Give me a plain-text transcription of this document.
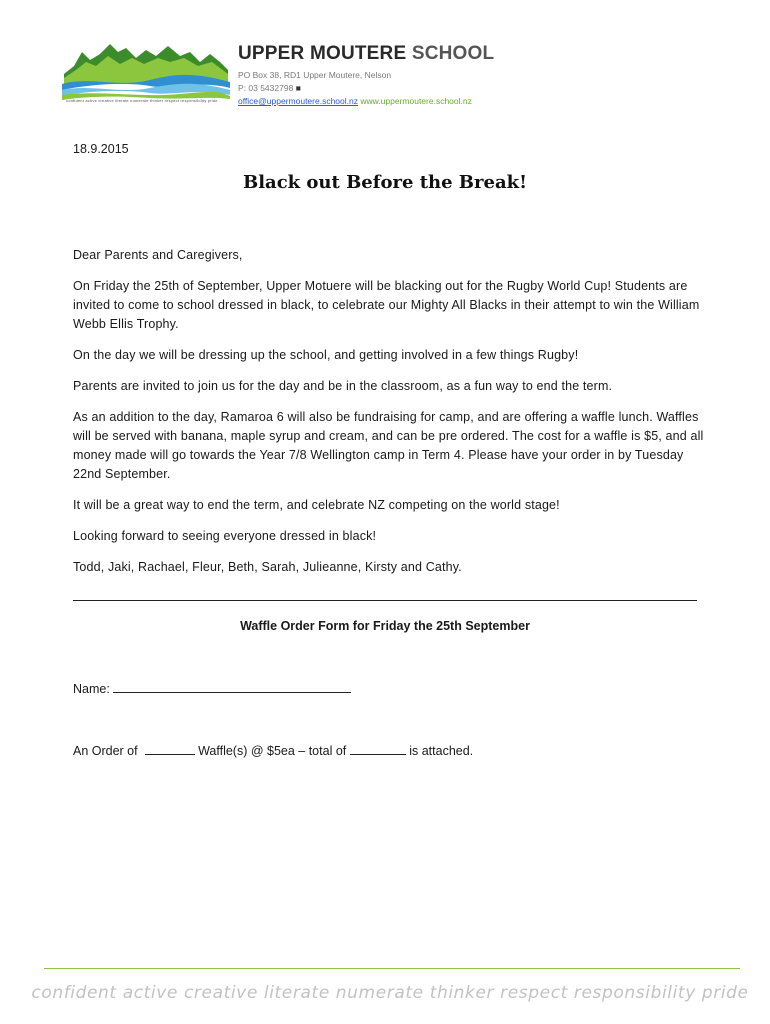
confident active creative literate numerate thinker respect responsibility pride
UPPER MOUTERE SCHOOL
PO Box 38, RD1 Upper Moutere, Nelson
P: 03 5432798 ■
office@uppermoutere.school.nz www.uppermoutere.school.nz
18.9.2015
Black out Before the Break!

Dear Parents and Caregivers,

On Friday the 25th of September, Upper Motuere will be blacking out for the Rugby World Cup! Students are invited to come to school dressed in black, to celebrate our Mighty All Blacks in their attempt to win the William Webb Ellis Trophy.

On the day we will be dressing up the school, and getting involved in a few things Rugby!

Parents are invited to join us for the day and be in the classroom, as a fun way to end the term.

As an addition to the day, Ramaroa 6 will also be fundraising for camp, and are offering a waffle lunch. Waffles will be served with banana, maple syrup and cream, and can be pre ordered. The cost for a waffle is $5, and all money made will go towards the Year 7/8 Wellington camp in Term 4. Please have your order in by Tuesday 22nd September.

It will be a great way to end the term, and celebrate NZ competing on the world stage!

Looking forward to seeing everyone dressed in black!

Todd, Jaki, Rachael, Fleur, Beth, Sarah, Julieanne, Kirsty and Cathy.

Waffle Order Form for Friday the 25th September
Name:
An Order of	Waffle(s) @ $5ea – total of	is attached.
confident active creative literate numerate thinker respect responsibility pride
